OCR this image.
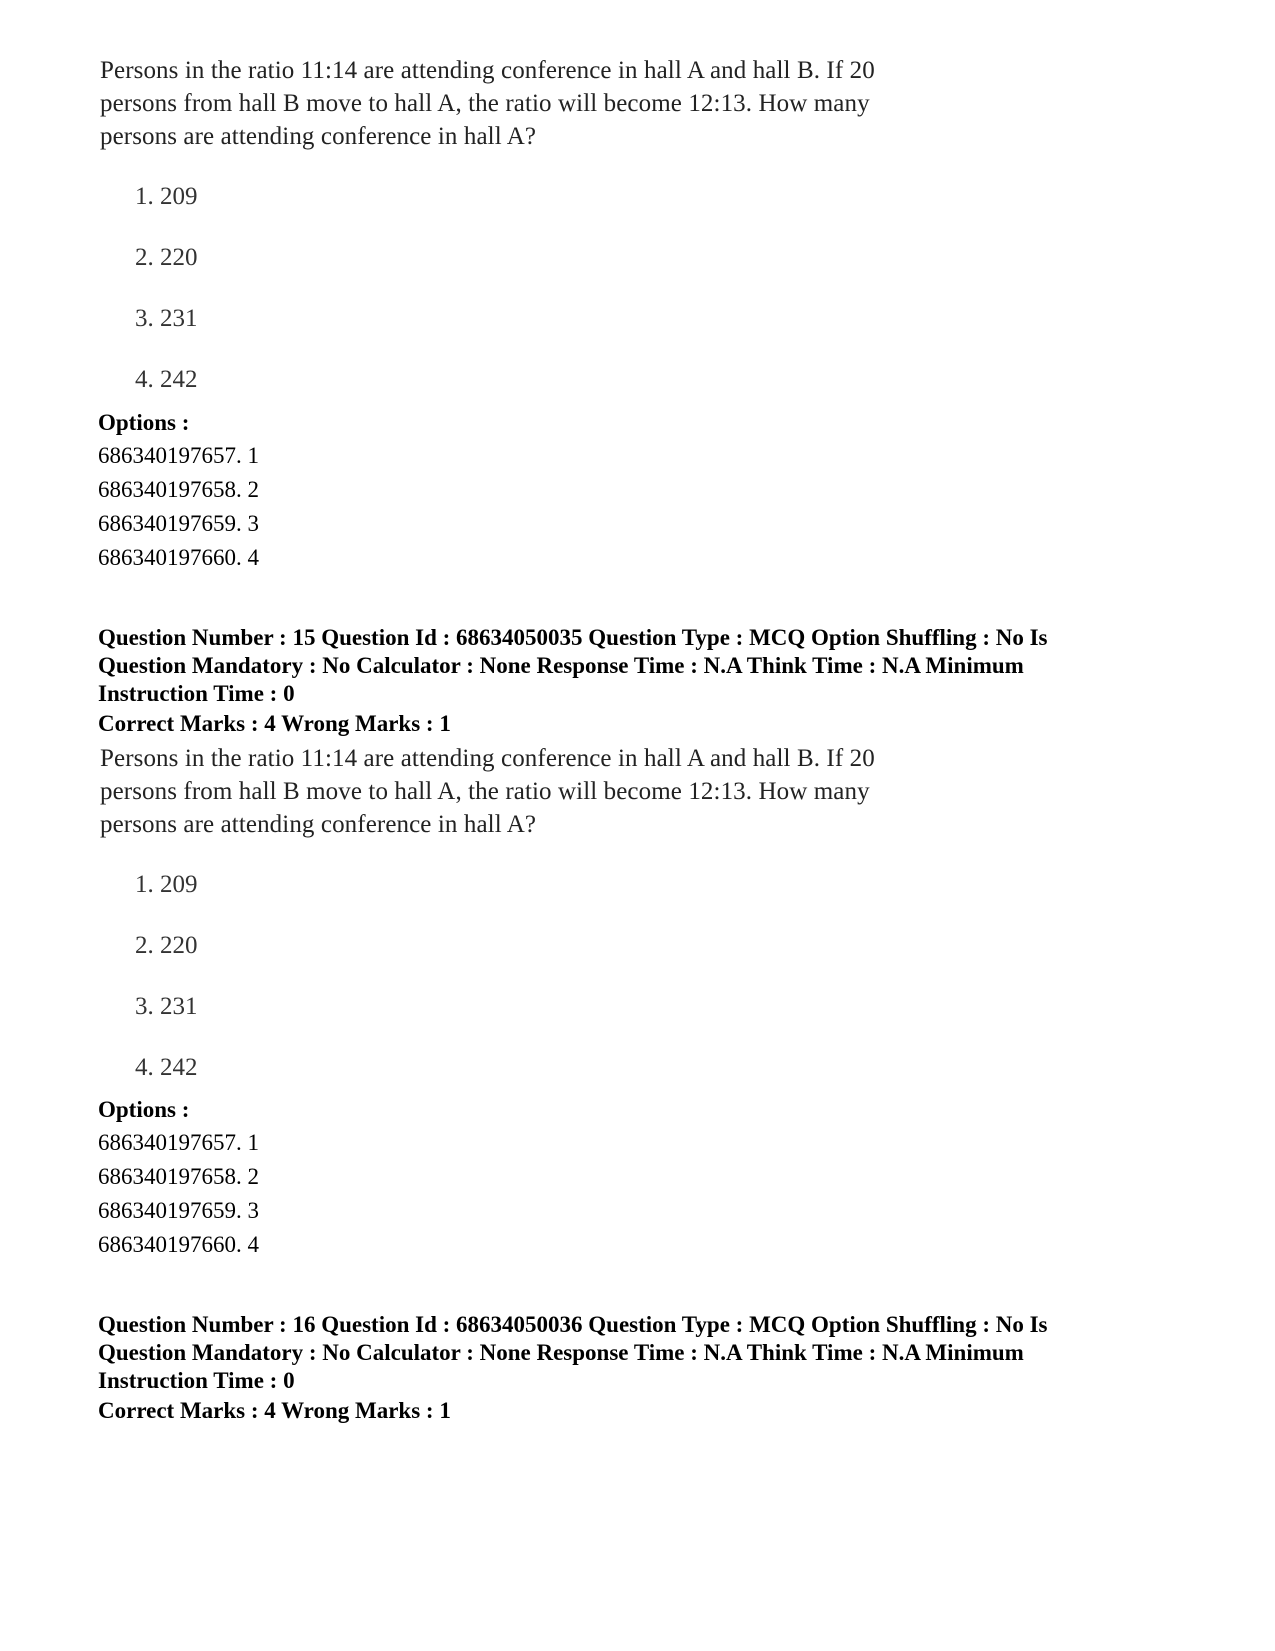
Persons in the ratio 11:14 are attending conference in hall A and hall B. If 20
persons from hall B move to hall A, the ratio will become 12:13. How many
persons are attending conference in hall A?
1. 209
2. 220
3. 231
4. 242
Options :
686340197657. 1
686340197658. 2
686340197659. 3
686340197660. 4
Question Number : 15 Question Id : 68634050035 Question Type : MCQ Option Shuffling : No Is
Question Mandatory : No Calculator : None Response Time : N.A Think Time : N.A Minimum
Instruction Time : 0
Correct Marks : 4 Wrong Marks : 1
Persons in the ratio 11:14 are attending conference in hall A and hall B. If 20
persons from hall B move to hall A, the ratio will become 12:13. How many
persons are attending conference in hall A?
1. 209
2. 220
3. 231
4. 242
Options :
686340197657. 1
686340197658. 2
686340197659. 3
686340197660. 4
Question Number : 16 Question Id : 68634050036 Question Type : MCQ Option Shuffling : No Is
Question Mandatory : No Calculator : None Response Time : N.A Think Time : N.A Minimum
Instruction Time : 0
Correct Marks : 4 Wrong Marks : 1
